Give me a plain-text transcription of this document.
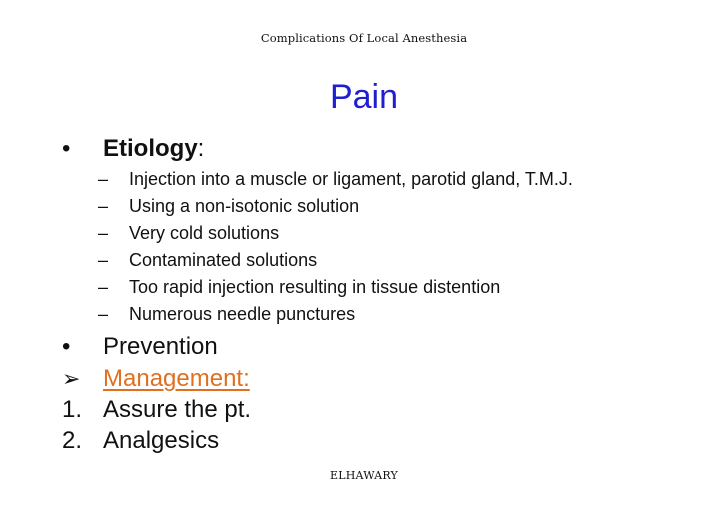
Complications Of Local Anesthesia
Pain
• Etiology:
– Injection into a muscle or ligament, parotid gland, T.M.J.
– Using a non-isotonic solution
– Very cold solutions
– Contaminated solutions
– Too rapid injection resulting in tissue distention
– Numerous needle punctures
• Prevention
➢ Management:
1. Assure the pt.
2. Analgesics
ELHAWARY
